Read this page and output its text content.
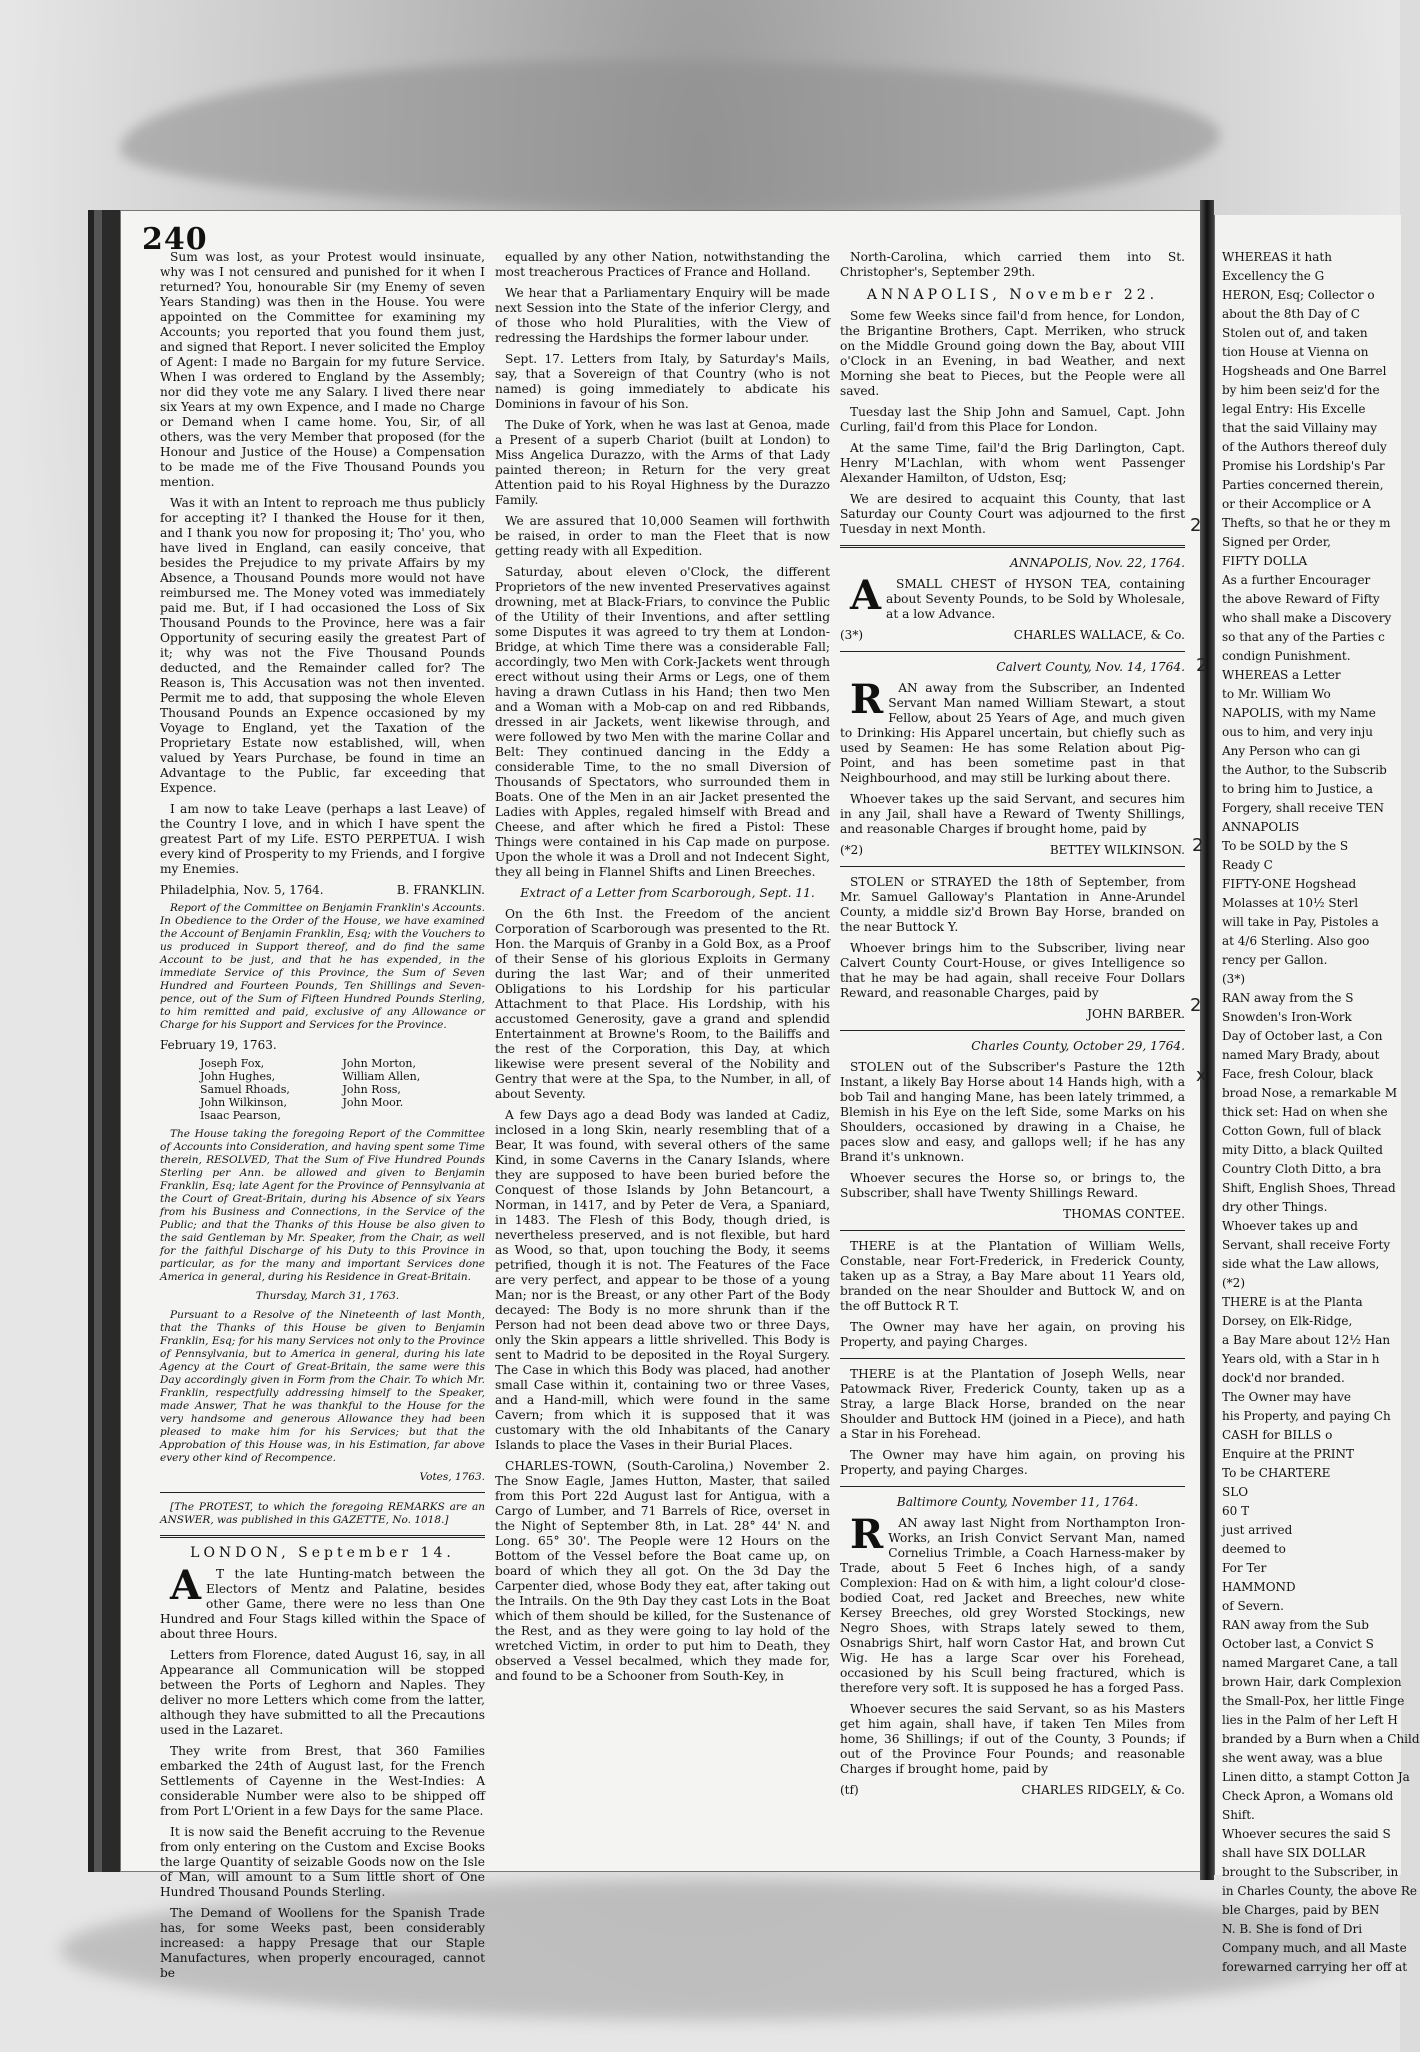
240

Sum was lost, as your Protest would insinuate, why was I not censured and punished for it when I returned? You, honourable Sir (my Enemy of seven Years Standing) was then in the House. You were appointed on the Committee for examining my Accounts; you reported that you found them just, and signed that Report. I never solicited the Employ of Agent: I made no Bargain for my future Service. When I was ordered to England by the Assembly; nor did they vote me any Salary. I lived there near six Years at my own Expence, and I made no Charge or Demand when I came home. You, Sir, of all others, was the very Member that proposed (for the Honour and Justice of the House) a Compensation to be made me of the Five Thousand Pounds you mention.

Was it with an Intent to reproach me thus publicly for accepting it? I thanked the House for it then, and I thank you now for proposing it; Tho' you, who have lived in England, can easily conceive, that besides the Prejudice to my private Affairs by my Absence, a Thousand Pounds more would not have reimbursed me. The Money voted was immediately paid me. But, if I had occasioned the Loss of Six Thousand Pounds to the Province, here was a fair Opportunity of securing easily the greatest Part of it; why was not the Five Thousand Pounds deducted, and the Remainder called for? The Reason is, This Accusation was not then invented. Permit me to add, that supposing the whole Eleven Thousand Pounds an Expence occasioned by my Voyage to England, yet the Taxation of the Proprietary Estate now established, will, when valued by Years Purchase, be found in time an Advantage to the Public, far exceeding that Expence.

I am now to take Leave (perhaps a last Leave) of the Country I love, and in which I have spent the greatest Part of my Life. ESTO PERPETUA. I wish every kind of Prosperity to my Friends, and I forgive my Enemies.

Philadelphia, Nov. 5, 1764.	B. FRANKLIN.

Report of the Committee on Benjamin Franklin's Accounts. In Obedience to the Order of the House, we have examined the Account of Benjamin Franklin, Esq; with the Vouchers to us produced in Support thereof, and do find the same Account to be just, and that he has expended, in the immediate Service of this Province, the Sum of Seven Hundred and Fourteen Pounds, Ten Shillings and Seven-pence, out of the Sum of Fifteen Hundred Pounds Sterling, to him remitted and paid, exclusive of any Allowance or Charge for his Support and Services for the Province.

February 19, 1763.
Joseph Fox,	John Morton,
John Hughes,	William Allen,
Samuel Rhoads,	John Ross,
John Wilkinson,	John Moor.
Isaac Pearson,

The House taking the foregoing Report of the Committee of Accounts into Consideration, and having spent some Time therein, RESOLVED, That the Sum of Five Hundred Pounds Sterling per Ann. be allowed and given to Benjamin Franklin, Esq; late Agent for the Province of Pennsylvania at the Court of Great-Britain, during his Absence of six Years from his Business and Connections, in the Service of the Public; and that the Thanks of this House be also given to the said Gentleman by Mr. Speaker, from the Chair, as well for the faithful Discharge of his Duty to this Province in particular, as for the many and important Services done America in general, during his Residence in Great-Britain.

Thursday, March 31, 1763.

Pursuant to a Resolve of the Nineteenth of last Month, that the Thanks of this House be given to Benjamin Franklin, Esq; for his many Services not only to the Province of Pennsylvania, but to America in general, during his late Agency at the Court of Great-Britain, the same were this Day accordingly given in Form from the Chair. To which Mr. Franklin, respectfully addressing himself to the Speaker, made Answer, That he was thankful to the House for the very handsome and generous Allowance they had been pleased to make him for his Services; but that the Approbation of this House was, in his Estimation, far above every other kind of Recompence.

Votes, 1763.

[The PROTEST, to which the foregoing REMARKS are an ANSWER, was published in this GAZETTE, No. 1018.]

LONDON, September 14.

A T the late Hunting-match between the Electors of Mentz and Palatine, besides other Game, there were no less than One Hundred and Four Stags killed within the Space of about three Hours.

Letters from Florence, dated August 16, say, in all Appearance all Communication will be stopped between the Ports of Leghorn and Naples. They deliver no more Letters which come from the latter, although they have submitted to all the Precautions used in the Lazaret.

They write from Brest, that 360 Families embarked the 24th of August last, for the French Settlements of Cayenne in the West-Indies: A considerable Number were also to be shipped off from Port L'Orient in a few Days for the same Place.

It is now said the Benefit accruing to the Revenue from only entering on the Custom and Excise Books the large Quantity of seizable Goods now on the Isle of Man, will amount to a Sum little short of One Hundred Thousand Pounds Sterling.

The Demand of Woollens for the Spanish Trade has, for some Weeks past, been considerably increased: a happy Presage that our Staple Manufactures, when properly encouraged, cannot be

equalled by any other Nation, notwithstanding the most treacherous Practices of France and Holland.

We hear that a Parliamentary Enquiry will be made next Session into the State of the inferior Clergy, and of those who hold Pluralities, with the View of redressing the Hardships the former labour under.

Sept. 17. Letters from Italy, by Saturday's Mails, say, that a Sovereign of that Country (who is not named) is going immediately to abdicate his Dominions in favour of his Son.

The Duke of York, when he was last at Genoa, made a Present of a superb Chariot (built at London) to Miss Angelica Durazzo, with the Arms of that Lady painted thereon; in Return for the very great Attention paid to his Royal Highness by the Durazzo Family.

We are assured that 10,000 Seamen will forthwith be raised, in order to man the Fleet that is now getting ready with all Expedition.

Saturday, about eleven o'Clock, the different Proprietors of the new invented Preservatives against drowning, met at Black-Friars, to convince the Public of the Utility of their Inventions, and after settling some Disputes it was agreed to try them at London-Bridge, at which Time there was a considerable Fall; accordingly, two Men with Cork-Jackets went through erect without using their Arms or Legs, one of them having a drawn Cutlass in his Hand; then two Men and a Woman with a Mob-cap on and red Ribbands, dressed in air Jackets, went likewise through, and were followed by two Men with the marine Collar and Belt: They continued dancing in the Eddy a considerable Time, to the no small Diversion of Thousands of Spectators, who surrounded them in Boats. One of the Men in an air Jacket presented the Ladies with Apples, regaled himself with Bread and Cheese, and after which he fired a Pistol: These Things were contained in his Cap made on purpose. Upon the whole it was a Droll and not Indecent Sight, they all being in Flannel Shifts and Linen Breeches.

Extract of a Letter from Scarborough, Sept. 11.

On the 6th Inst. the Freedom of the ancient Corporation of Scarborough was presented to the Rt. Hon. the Marquis of Granby in a Gold Box, as a Proof of their Sense of his glorious Exploits in Germany during the last War; and of their unmerited Obligations to his Lordship for his particular Attachment to that Place. His Lordship, with his accustomed Generosity, gave a grand and splendid Entertainment at Browne's Room, to the Bailiffs and the rest of the Corporation, this Day, at which likewise were present several of the Nobility and Gentry that were at the Spa, to the Number, in all, of about Seventy.

A few Days ago a dead Body was landed at Cadiz, inclosed in a long Skin, nearly resembling that of a Bear, It was found, with several others of the same Kind, in some Caverns in the Canary Islands, where they are supposed to have been buried before the Conquest of those Islands by John Betancourt, a Norman, in 1417, and by Peter de Vera, a Spaniard, in 1483. The Flesh of this Body, though dried, is nevertheless preserved, and is not flexible, but hard as Wood, so that, upon touching the Body, it seems petrified, though it is not. The Features of the Face are very perfect, and appear to be those of a young Man; nor is the Breast, or any other Part of the Body decayed: The Body is no more shrunk than if the Person had not been dead above two or three Days, only the Skin appears a little shrivelled. This Body is sent to Madrid to be deposited in the Royal Surgery. The Case in which this Body was placed, had another small Case within it, containing two or three Vases, and a Hand-mill, which were found in the same Cavern; from which it is supposed that it was customary with the old Inhabitants of the Canary Islands to place the Vases in their Burial Places.

CHARLES-TOWN, (South-Carolina,) November 2. The Snow Eagle, James Hutton, Master, that sailed from this Port 22d August last for Antigua, with a Cargo of Lumber, and 71 Barrels of Rice, overset in the Night of September 8th, in Lat. 28° 44' N. and Long. 65° 30'. The People were 12 Hours on the Bottom of the Vessel before the Boat came up, on board of which they all got. On the 3d Day the Carpenter died, whose Body they eat, after taking out the Intrails. On the 9th Day they cast Lots in the Boat which of them should be killed, for the Sustenance of the Rest, and as they were going to lay hold of the wretched Victim, in order to put him to Death, they observed a Vessel becalmed, which they made for, and found to be a Schooner from South-Key, in

North-Carolina, which carried them into St. Christopher's, September 29th.

ANNAPOLIS, November 22.

Some few Weeks since fail'd from hence, for London, the Brigantine Brothers, Capt. Merriken, who struck on the Middle Ground going down the Bay, about VIII o'Clock in an Evening, in bad Weather, and next Morning she beat to Pieces, but the People were all saved.

Tuesday last the Ship John and Samuel, Capt. John Curling, fail'd from this Place for London.

At the same Time, fail'd the Brig Darlington, Capt. Henry M'Lachlan, with whom went Passenger Alexander Hamilton, of Udston, Esq;

We are desired to acquaint this County, that last Saturday our County Court was adjourned to the first Tuesday in next Month.

ANNAPOLIS, Nov. 22, 1764.

A SMALL CHEST of HYSON TEA, containing about Seventy Pounds, to be Sold by Wholesale, at a low Advance.

(3*)	CHARLES WALLACE, & Co.

Calvert County, Nov. 14, 1764.

R AN away from the Subscriber, an Indented Servant Man named William Stewart, a stout Fellow, about 25 Years of Age, and much given to Drinking: His Apparel uncertain, but chiefly such as used by Seamen: He has some Relation about Pig-Point, and has been sometime past in that Neighbourhood, and may still be lurking about there.

Whoever takes up the said Servant, and secures him in any Jail, shall have a Reward of Twenty Shillings, and reasonable Charges if brought home, paid by

(*2)	BETTEY WILKINSON.

STOLEN or STRAYED the 18th of September, from Mr. Samuel Galloway's Plantation in Anne-Arundel County, a middle siz'd Brown Bay Horse, branded on the near Buttock Y.

Whoever brings him to the Subscriber, living near Calvert County Court-House, or gives Intelligence so that he may be had again, shall receive Four Dollars Reward, and reasonable Charges, paid by

JOHN BARBER.

Charles County, October 29, 1764.

STOLEN out of the Subscriber's Pasture the 12th Instant, a likely Bay Horse about 14 Hands high, with a bob Tail and hanging Mane, has been lately trimmed, a Blemish in his Eye on the left Side, some Marks on his Shoulders, occasioned by drawing in a Chaise, he paces slow and easy, and gallops well; if he has any Brand it's unknown.

Whoever secures the Horse so, or brings to, the Subscriber, shall have Twenty Shillings Reward.

THOMAS CONTEE.

THERE is at the Plantation of William Wells, Constable, near Fort-Frederick, in Frederick County, taken up as a Stray, a Bay Mare about 11 Years old, branded on the near Shoulder and Buttock W, and on the off Buttock R T.

The Owner may have her again, on proving his Property, and paying Charges.

THERE is at the Plantation of Joseph Wells, near Patowmack River, Frederick County, taken up as a Stray, a large Black Horse, branded on the near Shoulder and Buttock HM (joined in a Piece), and hath a Star in his Forehead.

The Owner may have him again, on proving his Property, and paying Charges.

Baltimore County, November 11, 1764.

R AN away last Night from Northampton Iron-Works, an Irish Convict Servant Man, named Cornelius Trimble, a Coach Harness-maker by Trade, about 5 Feet 6 Inches high, of a sandy Complexion: Had on & with him, a light colour'd close-bodied Coat, red Jacket and Breeches, new white Kersey Breeches, old grey Worsted Stockings, new Negro Shoes, with Straps lately sewed to them, Osnabrigs Shirt, half worn Castor Hat, and brown Cut Wig. He has a large Scar over his Forehead, occasioned by his Scull being fractured, which is therefore very soft. It is supposed he has a forged Pass.

Whoever secures the said Servant, so as his Masters get him again, shall have, if taken Ten Miles from home, 36 Shillings; if out of the County, 3 Pounds; if out of the Province Four Pounds; and reasonable Charges if brought home, paid by

(tf)	CHARLES RIDGELY, & Co.

WHEREAS it hath

Excellency the G

HERON, Esq; Collector o

about the 8th Day of C

Stolen out of, and taken

tion House at Vienna on

Hogsheads and One Barrel

by him been seiz'd for the

legal Entry: His Excelle

that the said Villainy may

of the Authors thereof duly

Promise his Lordship's Par

Parties concerned therein,

or their Accomplice or A

Thefts, so that he or they m

Signed per Order,

FIFTY DOLLA

As a further Encourager

the above Reward of Fifty

who shall make a Discovery

so that any of the Parties c

condign Punishment.

WHEREAS a Letter

to Mr. William Wo

NAPOLIS, with my Name

ous to him, and very inju

Any Person who can gi

the Author, to the Subscrib

to bring him to Justice, a

Forgery, shall receive TEN

ANNAPOLIS

To be SOLD by the S

Ready C

FIFTY-ONE Hogshead

Molasses at 10½ Sterl

will take in Pay, Pistoles a

at 4/6 Sterling. Also goo

rency per Gallon.

(3*)

RAN away from the S

Snowden's Iron-Work

Day of October last, a Con

named Mary Brady, about

Face, fresh Colour, black

broad Nose, a remarkable M

thick set: Had on when she

Cotton Gown, full of black

mity Ditto, a black Quilted

Country Cloth Ditto, a bra

Shift, English Shoes, Thread

dry other Things.

Whoever takes up and

Servant, shall receive Forty

side what the Law allows,

(*2)

THERE is at the Planta

Dorsey, on Elk-Ridge,

a Bay Mare about 12½ Han

Years old, with a Star in h

dock'd nor branded.

The Owner may have

his Property, and paying Ch

CASH for BILLS o

Enquire at the PRINT

To be CHARTERE

SLO

60 T

just arrived

deemed to

For Ter

HAMMOND

of Severn.

RAN away from the Sub

October last, a Convict S

named Margaret Cane, a tall

brown Hair, dark Complexion

the Small-Pox, her little Finge

lies in the Palm of her Left H

branded by a Burn when a Child

she went away, was a blue

Linen ditto, a stampt Cotton Ja

Check Apron, a Womans old

Shift.

Whoever secures the said S

shall have SIX DOLLAR

brought to the Subscriber, in

in Charles County, the above Re

ble Charges, paid by BEN

N. B. She is fond of Dri

Company much, and all Maste

forewarned carrying her off at

2
2
2
2
x
